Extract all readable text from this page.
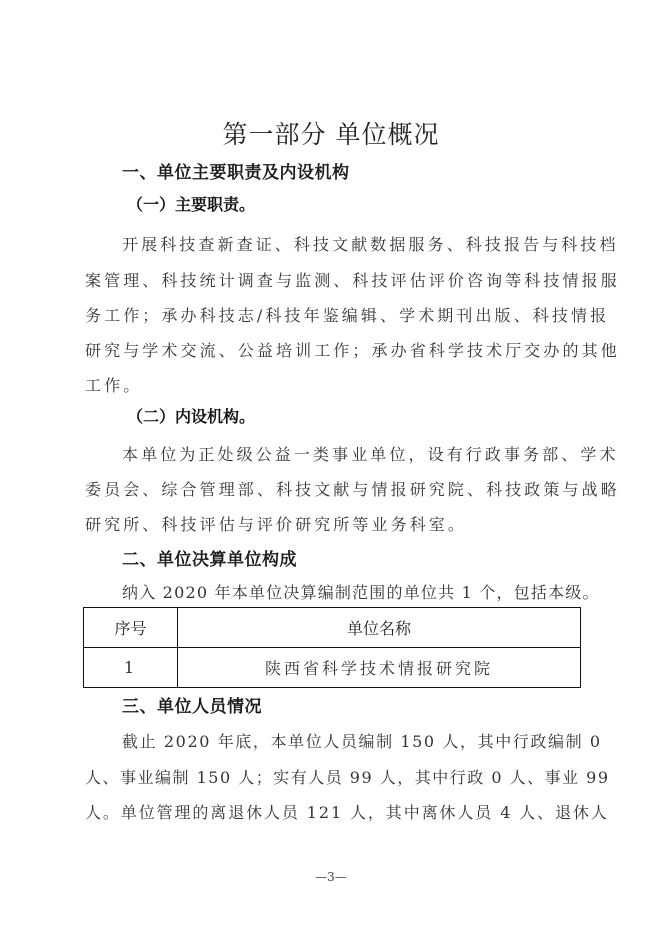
第一部分 单位概况
一、单位主要职责及内设机构
（一）主要职责。
开展科技查新查证、科技文献数据服务、科技报告与科技档
案管理、科技统计调查与监测、科技评估评价咨询等科技情报服
务工作；承办科技志/科技年鉴编辑、学术期刊出版、科技情报
研究与学术交流、公益培训工作；承办省科学技术厅交办的其他
工作。
（二）内设机构。
本单位为正处级公益一类事业单位，设有行政事务部、学术
委员会、综合管理部、科技文献与情报研究院、科技政策与战略
研究所、科技评估与评价研究所等业务科室。
二、单位决算单位构成
纳入 2020 年本单位决算编制范围的单位共 1 个，包括本级。
序号	单位名称
1	陕西省科学技术情报研究院
三、单位人员情况
截止 2020 年底，本单位人员编制 150 人，其中行政编制 0
人、事业编制 150 人；实有人员 99 人，其中行政 0 人、事业 99
人。单位管理的离退休人员 121 人，其中离休人员 4 人、退休人
—3—
